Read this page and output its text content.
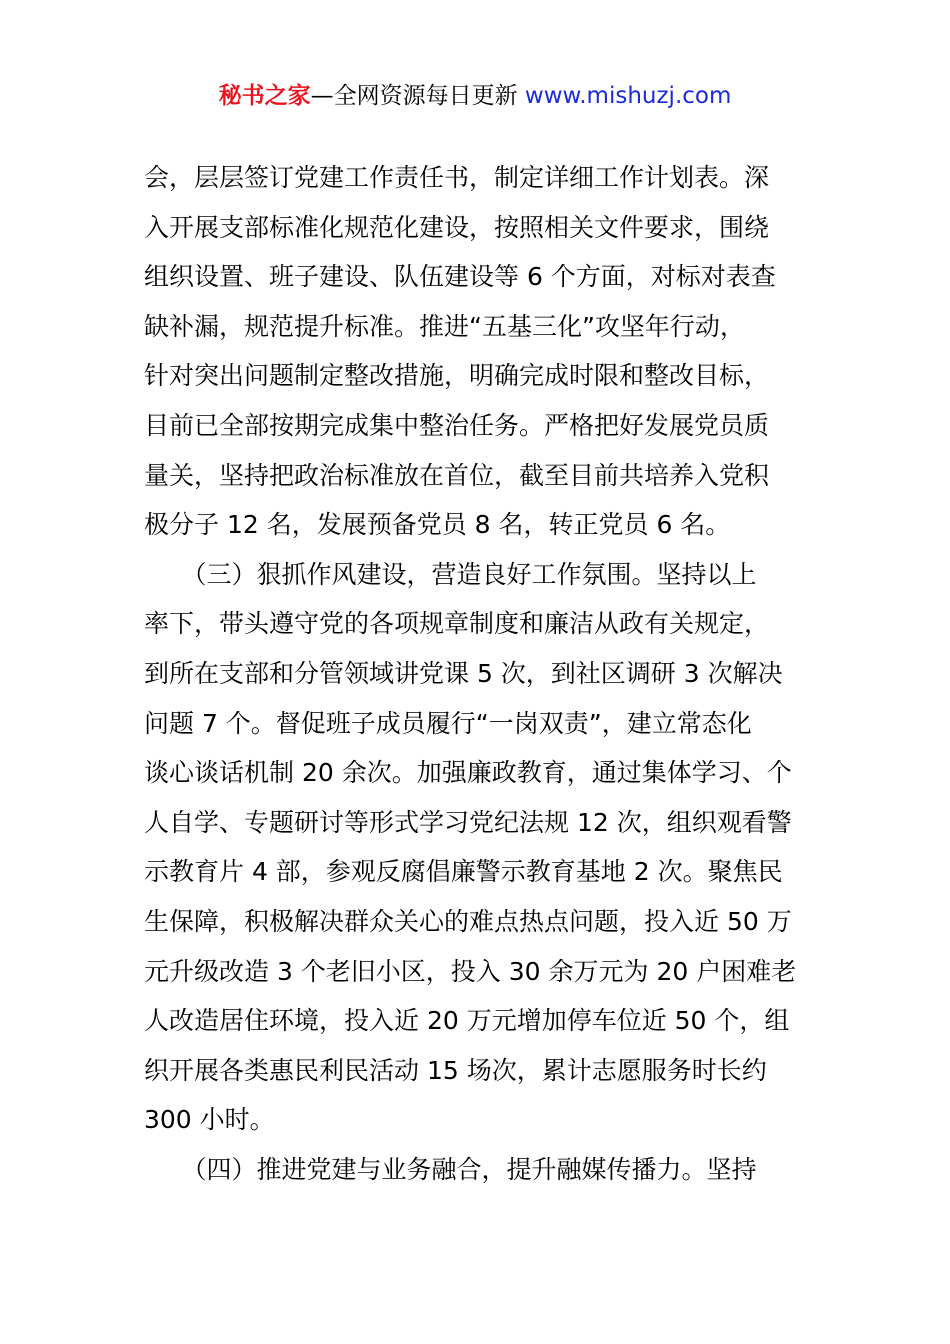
秘书之家—全网资源每日更新 www.mishuzj.com
会，层层签订党建工作责任书，制定详细工作计划表。深
入开展支部标准化规范化建设，按照相关文件要求，围绕
组织设置、班子建设、队伍建设等 6 个方面，对标对表查
缺补漏，规范提升标准。推进“五基三化”攻坚年行动，
针对突出问题制定整改措施，明确完成时限和整改目标，
目前已全部按期完成集中整治任务。严格把好发展党员质
量关，坚持把政治标准放在首位，截至目前共培养入党积
极分子 12 名，发展预备党员 8 名，转正党员 6 名。
　　（三）狠抓作风建设，营造良好工作氛围。坚持以上
率下，带头遵守党的各项规章制度和廉洁从政有关规定，
到所在支部和分管领域讲党课 5 次，到社区调研 3 次解决
问题 7 个。督促班子成员履行“一岗双责”，建立常态化
谈心谈话机制 20 余次。加强廉政教育，通过集体学习、个
人自学、专题研讨等形式学习党纪法规 12 次，组织观看警
示教育片 4 部，参观反腐倡廉警示教育基地 2 次。聚焦民
生保障，积极解决群众关心的难点热点问题，投入近 50 万
元升级改造 3 个老旧小区，投入 30 余万元为 20 户困难老
人改造居住环境，投入近 20 万元增加停车位近 50 个，组
织开展各类惠民利民活动 15 场次，累计志愿服务时长约
300 小时。
　　（四）推进党建与业务融合，提升融媒传播力。坚持
